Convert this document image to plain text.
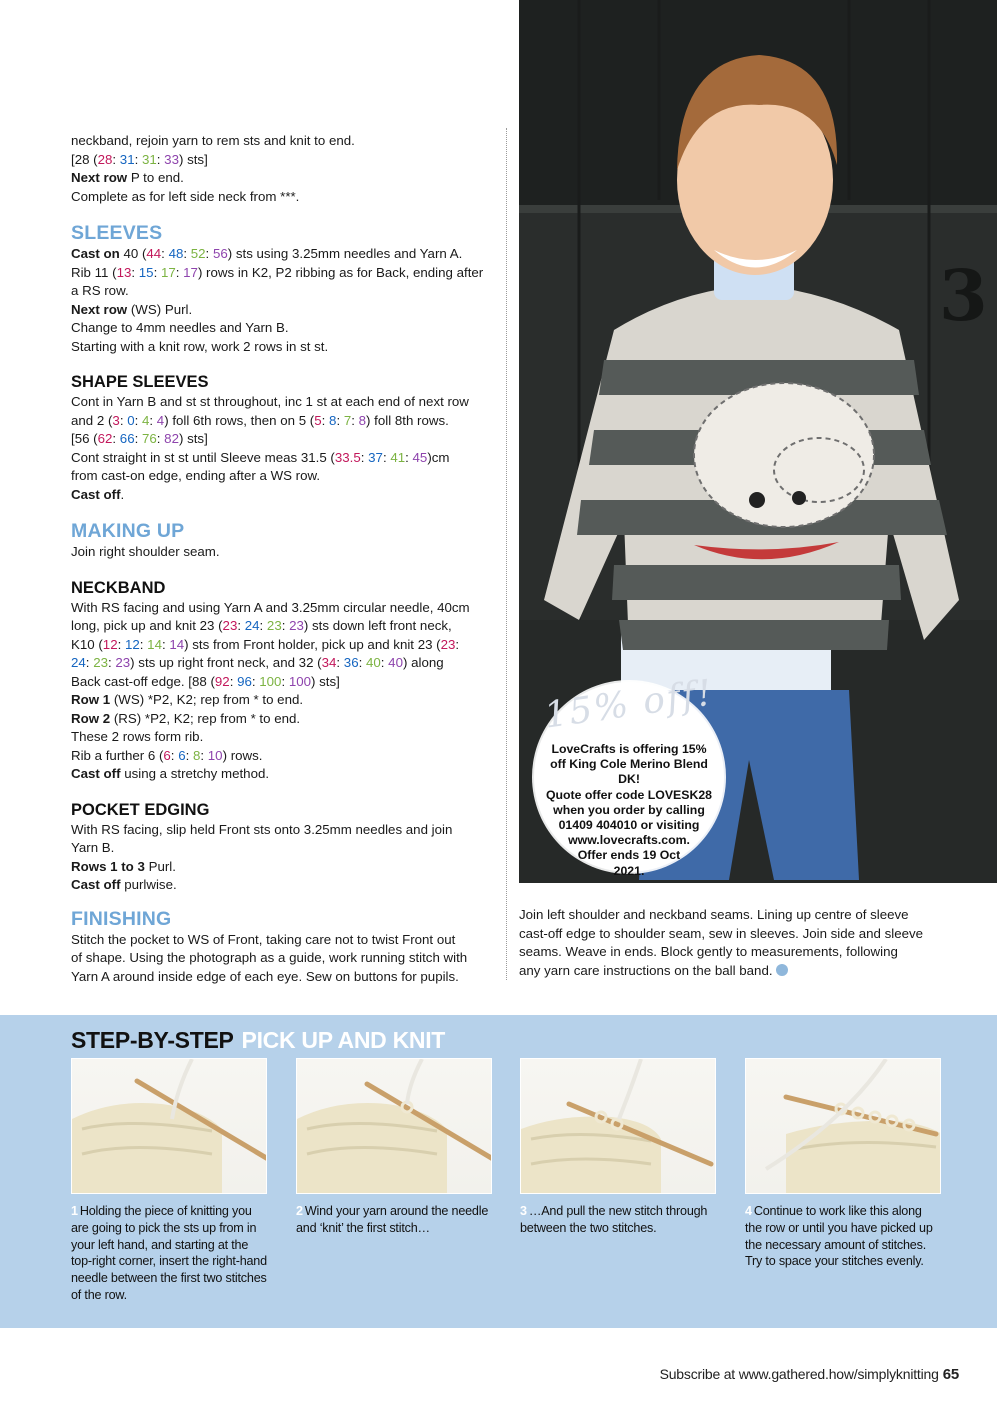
neckband, rejoin yarn to rem sts and knit to end.

[28 (28: 31: 31: 33) sts]

Next row P to end.

Complete as for left side neck from ***.

SLEEVES

Cast on 40 (44: 48: 52: 56) sts using 3.25mm needles and Yarn A.

Rib 11 (13: 15: 17: 17) rows in K2, P2 ribbing as for Back, ending after

a RS row.

Next row (WS) Purl.

Change to 4mm needles and Yarn B.

Starting with a knit row, work 2 rows in st st.

SHAPE SLEEVES

Cont in Yarn B and st st throughout, inc 1 st at each end of next row

and 2 (3: 0: 4: 4) foll 6th rows, then on 5 (5: 8: 7: 8) foll 8th rows.

[56 (62: 66: 76: 82) sts]

Cont straight in st st until Sleeve meas 31.5 (33.5: 37: 41: 45)cm

from cast-on edge, ending after a WS row.

Cast off.

MAKING UP

Join right shoulder seam.

NECKBAND

With RS facing and using Yarn A and 3.25mm circular needle, 40cm

long, pick up and knit 23 (23: 24: 23: 23) sts down left front neck,

K10 (12: 12: 14: 14) sts from Front holder, pick up and knit 23 (23:

24: 23: 23) sts up right front neck, and 32 (34: 36: 40: 40) along

Back cast-off edge. [88 (92: 96: 100: 100) sts]

Row 1 (WS) *P2, K2; rep from * to end.

Row 2 (RS) *P2, K2; rep from * to end.

These 2 rows form rib.

Rib a further 6 (6: 6: 8: 10) rows.

Cast off using a stretchy method.

POCKET EDGING

With RS facing, slip held Front sts onto 3.25mm needles and join

Yarn B.

Rows 1 to 3 Purl.

Cast off purlwise.

FINISHING

Stitch the pocket to WS of Front, taking care not to twist Front out

of shape. Using the photograph as a guide, work running stitch with

Yarn A around inside edge of each eye. Sew on buttons for pupils.

3
15% off!
LoveCrafts is offering 15%
off King Cole Merino Blend DK!
Quote offer code LOVESK28
when you order by calling
01409 404010 or visiting
www.lovecrafts.com.
Offer ends 19 Oct
2021.

Join left shoulder and neckband seams. Lining up centre of sleeve

cast-off edge to shoulder seam, sew in sleeves. Join side and sleeve

seams. Weave in ends. Block gently to measurements, following

any yarn care instructions on the ball band.

STEP-BY-STEP PICK UP AND KNIT
1 Holding the piece of knitting you are going to pick the sts up from in your left hand, and starting at the top-right corner, insert the right-hand needle between the first two stitches of the row.
2 Wind your yarn around the needle and ‘knit’ the first stitch…
3 …And pull the new stitch through between the two stitches.
4 Continue to work like this along the row or until you have picked up the necessary amount of stitches. Try to space your stitches evenly.
Subscribe at www.gathered.how/simplyknitting 65
